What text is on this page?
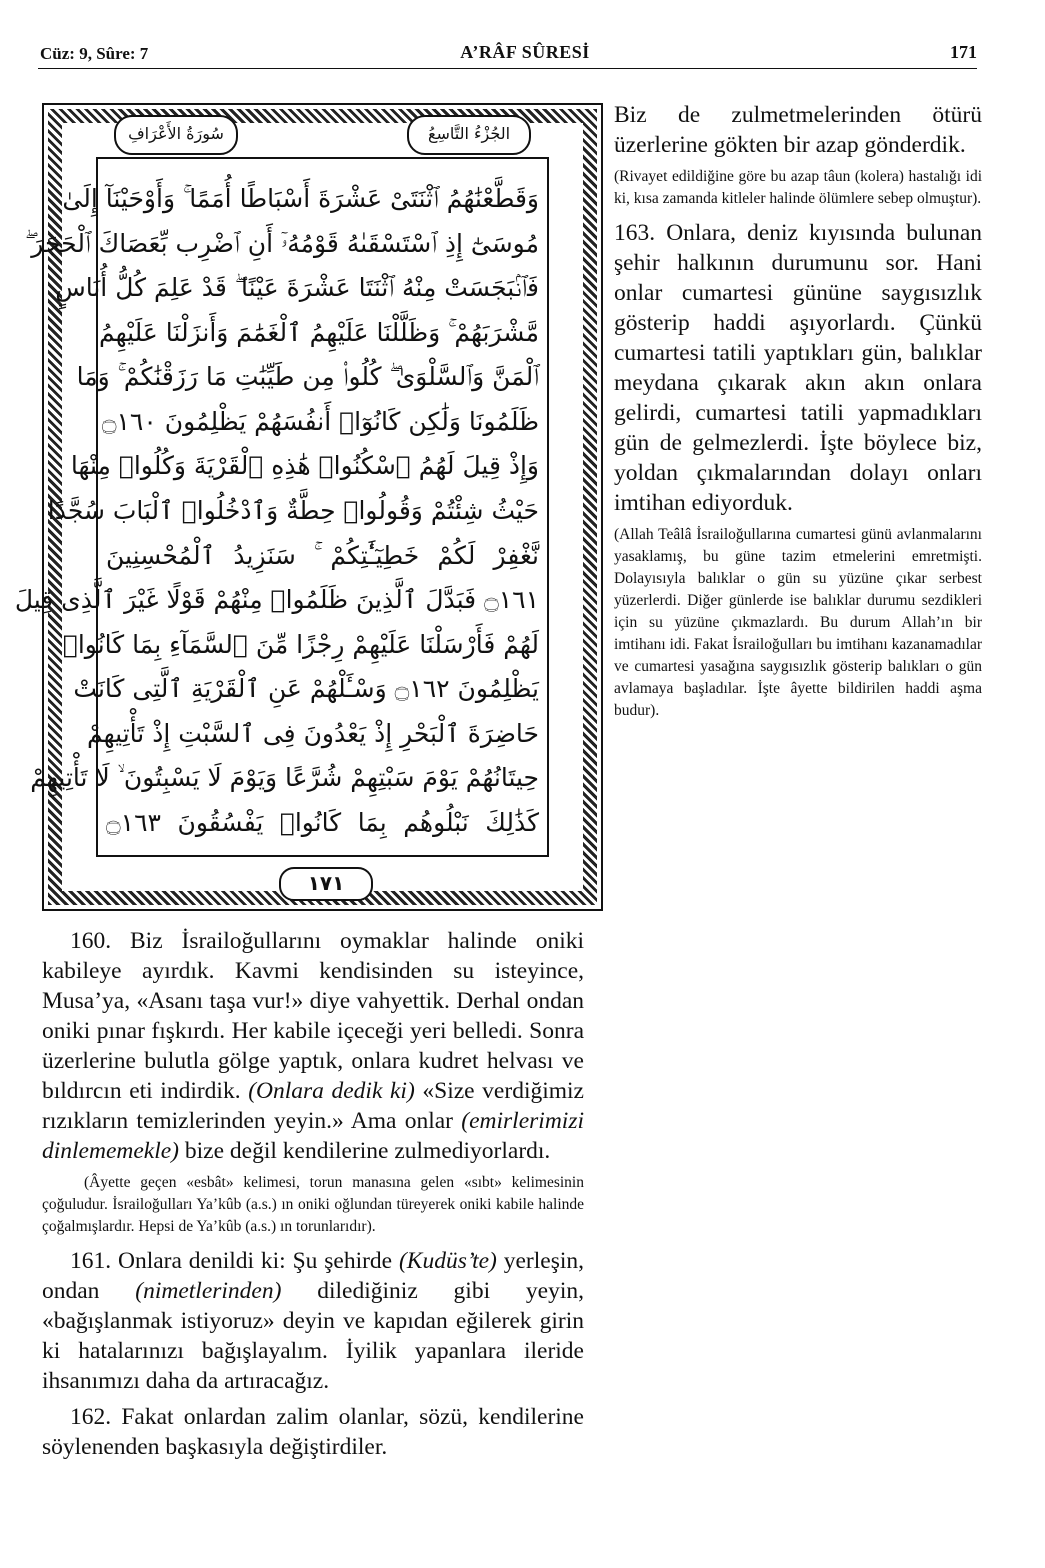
Cüz: 9, Sûre: 7	A’RÂF SÛRESİ	171
سُورَةُ الأَعْرَافِ	الجُزْءُ التَّاسِعُ
وَقَطَّعْنَٰهُمُ ٱثْنَتَىْ عَشْرَةَ أَسْبَاطًا أُمَمًا ۚ وَأَوْحَيْنَآ إِلَىٰ
مُوسَىٰٓ إِذِ ٱسْتَسْقَىٰهُ قَوْمُهُۥٓ أَنِ ٱضْرِب بِّعَصَاكَ ٱلْحَجَرَ ۖ
فَٱنۢبَجَسَتْ مِنْهُ ٱثْنَتَا عَشْرَةَ عَيْنًا ۖ قَدْ عَلِمَ كُلُّ أُنَاسٍ
مَّشْرَبَهُمْ ۚ وَظَلَّلْنَا عَلَيْهِمُ ٱلْغَمَٰمَ وَأَنزَلْنَا عَلَيْهِمُ
ٱلْمَنَّ وَٱلسَّلْوَىٰ ۖ كُلُوا۟ مِن طَيِّبَٰتِ مَا رَزَقْنَٰكُمْ ۚ وَمَا
ظَلَمُونَا وَلَٰكِن كَانُوٓا۟ أَنفُسَهُمْ يَظْلِمُونَ ۝١٦٠
وَإِذْ قِيلَ لَهُمُ ٱسْكُنُوا۟ هَٰذِهِ ٱلْقَرْيَةَ وَكُلُوا۟ مِنْهَا
حَيْثُ شِئْتُمْ وَقُولُوا۟ حِطَّةٌ وَٱدْخُلُوا۟ ٱلْبَابَ سُجَّدًا
نَّغْفِرْ لَكُمْ خَطِيٓـَٰٔتِكُمْ ۚ سَنَزِيدُ ٱلْمُحْسِنِينَ
۝١٦١ فَبَدَّلَ ٱلَّذِينَ ظَلَمُوا۟ مِنْهُمْ قَوْلًا غَيْرَ ٱلَّذِى قِيلَ
لَهُمْ فَأَرْسَلْنَا عَلَيْهِمْ رِجْزًا مِّنَ ٱلسَّمَآءِ بِمَا كَانُوا۟
يَظْلِمُونَ ۝١٦٢ وَسْـَٔلْهُمْ عَنِ ٱلْقَرْيَةِ ٱلَّتِى كَانَتْ
حَاضِرَةَ ٱلْبَحْرِ إِذْ يَعْدُونَ فِى ٱلسَّبْتِ إِذْ تَأْتِيهِمْ
حِيتَانُهُمْ يَوْمَ سَبْتِهِمْ شُرَّعًا وَيَوْمَ لَا يَسْبِتُونَ ۙ لَا تَأْتِيهِمْ
كَذَٰلِكَ نَبْلُوهُم بِمَا كَانُوا۟ يَفْسُقُونَ ۝١٦٣
١٧١

Biz de zulmetmelerinden ötürü üzerlerine gökten bir azap gönderdik.

(Rivayet edildiğine göre bu azap tâun (kolera) hastalığı idi ki, kısa zamanda kitleler halinde ölümlere sebep olmuştur).

163. Onlara, deniz kıyısında bulunan şehir halkının durumunu sor. Hani onlar cumartesi gününe saygısızlık gösterip haddi aşıyorlardı. Çünkü cumartesi tatili yaptıkları gün, balıklar meydana çıkarak akın akın onlara gelirdi, cumartesi tatili yapmadıkları gün de gelmezlerdi. İşte böylece biz, yoldan çıkmalarından dolayı onları imtihan ediyorduk.

(Allah Teâlâ İsrailoğullarına cumartesi günü avlanmalarını yasaklamış, bu güne tazim etmelerini emretmişti. Dolayısıyla balıklar o gün su yüzüne çıkar serbest yüzerlerdi. Diğer günlerde ise balıklar durumu sezdikleri için su yüzüne çıkmazlardı. Bu durum Allah’ın bir imtihanı idi. Fakat İsrailoğulları bu imtihanı kazanamadılar ve cumartesi yasağına saygısızlık gösterip balıkları o gün avlamaya başladılar. İşte âyette bildirilen haddi aşma budur).

160. Biz İsrailoğullarını oymaklar halinde oniki kabileye ayırdık. Kavmi kendisinden su isteyince, Musa’ya, «Asanı taşa vur!» diye vahyettik. Derhal ondan oniki pınar fışkırdı. Her kabile içeceği yeri belledi. Sonra üzerlerine bulutla gölge yaptık, onlara kudret helvası ve bıldırcın eti indirdik. (Onlara dedik ki) «Size verdiğimiz rızıkların temizlerinden yeyin.» Ama onlar (emirlerimizi dinlememekle) bize değil kendilerine zulmediyorlardı.

(Âyette geçen «esbât» kelimesi, torun manasına gelen «sıbt» kelimesinin çoğuludur. İsrailoğulları Ya’kûb (a.s.) ın oniki oğlundan türeyerek oniki kabile halinde çoğalmışlardır. Hepsi de Ya’kûb (a.s.) ın torunlarıdır).

161. Onlara denildi ki: Şu şehirde (Kudüs’te) yerleşin, ondan (nimetlerinden) dilediğiniz gibi yeyin, «bağışlanmak istiyoruz» deyin ve kapıdan eğilerek girin ki hatalarınızı bağışlayalım. İyilik yapanlara ileride ihsanımızı daha da artıracağız.

162. Fakat onlardan zalim olanlar, sözü, kendilerine söylenenden başkasıyla değiştirdiler.
